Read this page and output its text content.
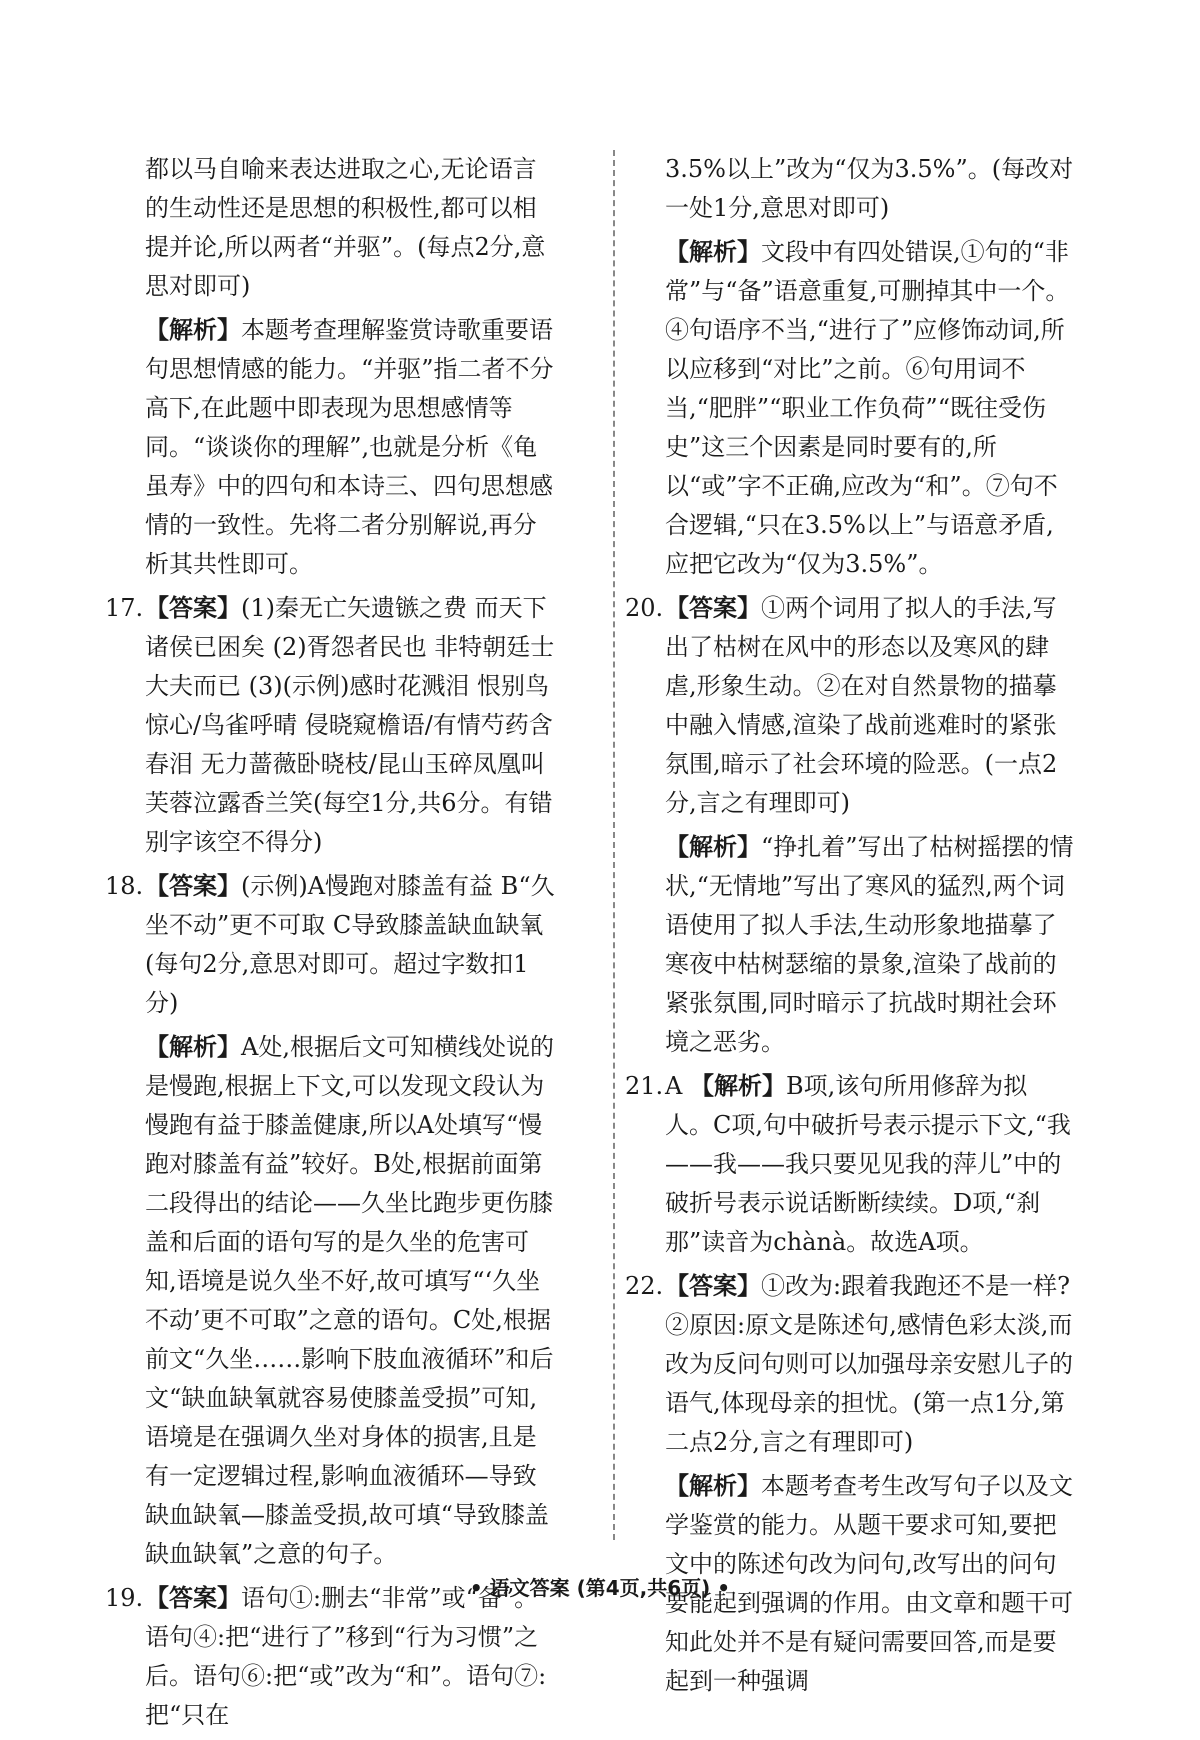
都以马自喻来表达进取之心,无论语言的生动性还是思想的积极性,都可以相提并论,所以两者“并驱”。(每点2分,意思对即可)
【解析】本题考查理解鉴赏诗歌重要语句思想情感的能力。“并驱”指二者不分高下,在此题中即表现为思想感情等同。“谈谈你的理解”,也就是分析《龟虽寿》中的四句和本诗三、四句思想感情的一致性。先将二者分别解说,再分析其共性即可。
17.【答案】(1)秦无亡矢遗镞之费 而天下诸侯已困矣 (2)胥怨者民也 非特朝廷士大夫而已 (3)(示例)感时花溅泪 恨别鸟惊心/鸟雀呼晴 侵晓窥檐语/有情芍药含春泪 无力蔷薇卧晓枝/昆山玉碎凤凰叫 芙蓉泣露香兰笑(每空1分,共6分。有错别字该空不得分)
18.【答案】(示例)A慢跑对膝盖有益 B“久坐不动”更不可取 C导致膝盖缺血缺氧(每句2分,意思对即可。超过字数扣1分)
【解析】A处,根据后文可知横线处说的是慢跑,根据上下文,可以发现文段认为慢跑有益于膝盖健康,所以A处填写“慢跑对膝盖有益”较好。B处,根据前面第二段得出的结论——久坐比跑步更伤膝盖和后面的语句写的是久坐的危害可知,语境是说久坐不好,故可填写“‘久坐不动’更不可取”之意的语句。C处,根据前文“久坐……影响下肢血液循环”和后文“缺血缺氧就容易使膝盖受损”可知,语境是在强调久坐对身体的损害,且是有一定逻辑过程,影响血液循环—导致缺血缺氧—膝盖受损,故可填“导致膝盖缺血缺氧”之意的句子。
19.【答案】语句①:删去“非常”或“备”。语句④:把“进行了”移到“行为习惯”之后。语句⑥:把“或”改为“和”。语句⑦:把“只在
3.5%以上”改为“仅为3.5%”。(每改对一处1分,意思对即可)
【解析】文段中有四处错误,①句的“非常”与“备”语意重复,可删掉其中一个。④句语序不当,“进行了”应修饰动词,所以应移到“对比”之前。⑥句用词不当,“肥胖”“职业工作负荷”“既往受伤史”这三个因素是同时要有的,所以“或”字不正确,应改为“和”。⑦句不合逻辑,“只在3.5%以上”与语意矛盾,应把它改为“仅为3.5%”。
20.【答案】①两个词用了拟人的手法,写出了枯树在风中的形态以及寒风的肆虐,形象生动。②在对自然景物的描摹中融入情感,渲染了战前逃难时的紧张氛围,暗示了社会环境的险恶。(一点2分,言之有理即可)
【解析】“挣扎着”写出了枯树摇摆的情状,“无情地”写出了寒风的猛烈,两个词语使用了拟人手法,生动形象地描摹了寒夜中枯树瑟缩的景象,渲染了战前的紧张氛围,同时暗示了抗战时期社会环境之恶劣。
21.A 【解析】B项,该句所用修辞为拟人。C项,句中破折号表示提示下文,“我——我——我只要见见我的萍儿”中的破折号表示说话断断续续。D项,“刹那”读音为chànà。故选A项。
22.【答案】①改为:跟着我跑还不是一样?②原因:原文是陈述句,感情色彩太淡,而改为反问句则可以加强母亲安慰儿子的语气,体现母亲的担忧。(第一点1分,第二点2分,言之有理即可)
【解析】本题考查考生改写句子以及文学鉴赏的能力。从题干要求可知,要把文中的陈述句改为问句,改写出的问句要能起到强调的作用。由文章和题干可知此处并不是有疑问需要回答,而是要起到一种强调
• 语文答案 (第4页,共6页) •
